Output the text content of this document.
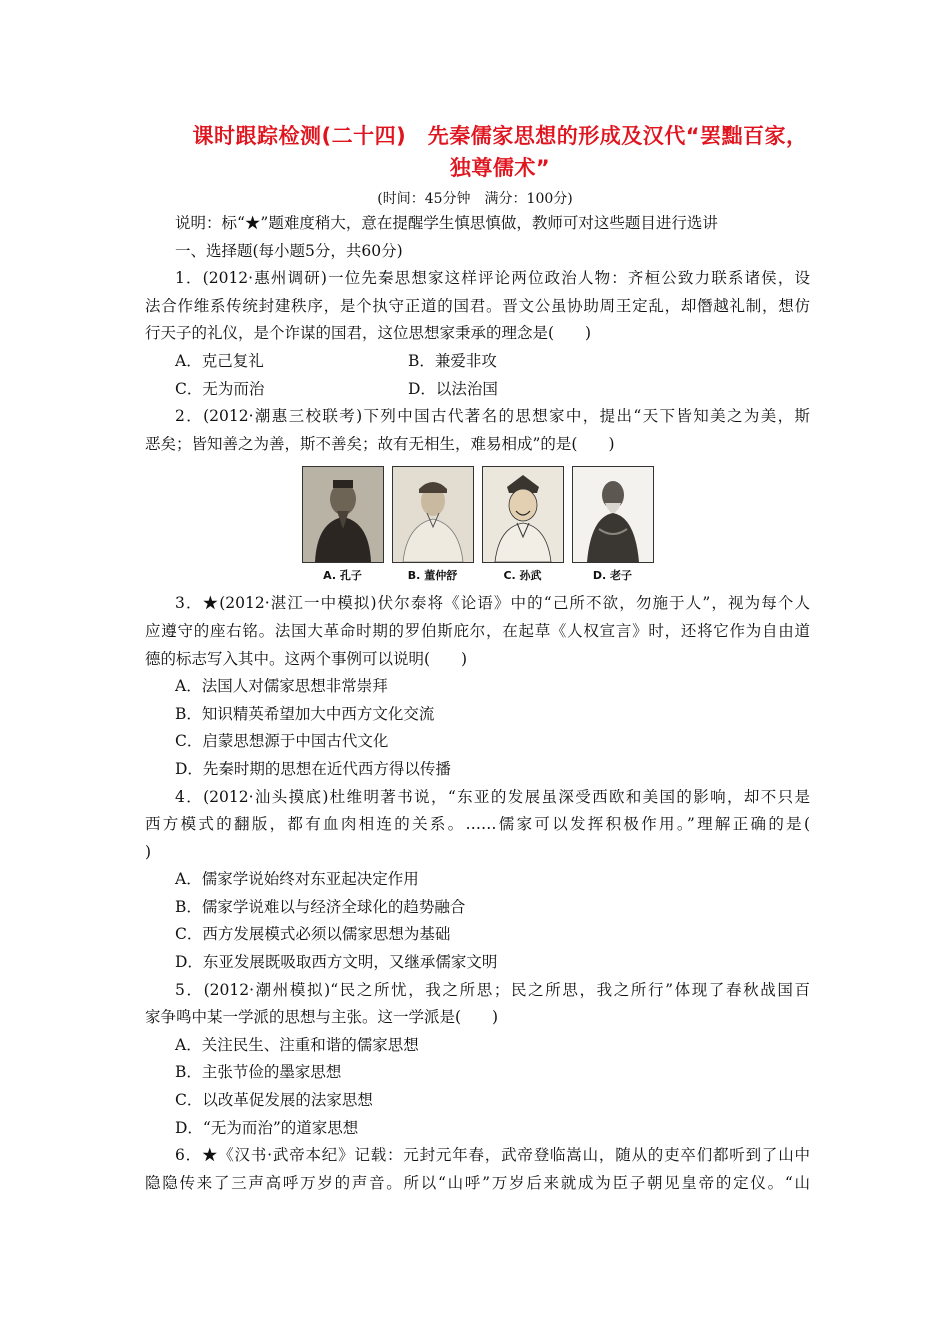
课时跟踪检测(二十四)　先秦儒家思想的形成及汉代“罢黜百家，
独尊儒术”
(时间：45分钟　满分：100分)
说明：标“★”题难度稍大，意在提醒学生慎思慎做，教师可对这些题目进行选讲
一、选择题(每小题5分，共60分)
1．(2012·惠州调研)一位先秦思想家这样评论两位政治人物：齐桓公致力联系诸侯，设
法合作维系传统封建秩序，是个执守正道的国君。晋文公虽协助周王定乱，却僭越礼制，想仿
行天子的礼仪，是个诈谋的国君，这位思想家秉承的理念是(　　)
A．克己复礼	B．兼爱非攻
C．无为而治	D．以法治国
2．(2012·潮惠三校联考)下列中国古代著名的思想家中，提出“天下皆知美之为美，斯
恶矣；皆知善之为善，斯不善矣；故有无相生，难易相成”的是(　　)
A. 孔子	B. 董仲舒	C. 孙武	D. 老子
3．★(2012·湛江一中模拟)伏尔泰将《论语》中的“己所不欲，勿施于人”，视为每个人
应遵守的座右铭。法国大革命时期的罗伯斯庇尔，在起草《人权宣言》时，还将它作为自由道
德的标志写入其中。这两个事例可以说明(　　)
A．法国人对儒家思想非常崇拜
B．知识精英希望加大中西方文化交流
C．启蒙思想源于中国古代文化
D．先秦时期的思想在近代西方得以传播
4．(2012·汕头摸底)杜维明著书说，“东亚的发展虽深受西欧和美国的影响，却不只是
西方模式的翻版，都有血肉相连的关系。……儒家可以发挥积极作用。”理解正确的是(
)
A．儒家学说始终对东亚起决定作用
B．儒家学说难以与经济全球化的趋势融合
C．西方发展模式必须以儒家思想为基础
D．东亚发展既吸取西方文明，又继承儒家文明
5．(2012·潮州模拟)“民之所忧，我之所思；民之所思，我之所行”体现了春秋战国百
家争鸣中某一学派的思想与主张。这一学派是(　　)
A．关注民生、注重和谐的儒家思想
B．主张节俭的墨家思想
C．以改革促发展的法家思想
D．“无为而治”的道家思想
6．★《汉书·武帝本纪》记载：元封元年春，武帝登临嵩山，随从的吏卒们都听到了山中
隐隐传来了三声高呼万岁的声音。所以“山呼”万岁后来就成为臣子朝见皇帝的定仪。“山
